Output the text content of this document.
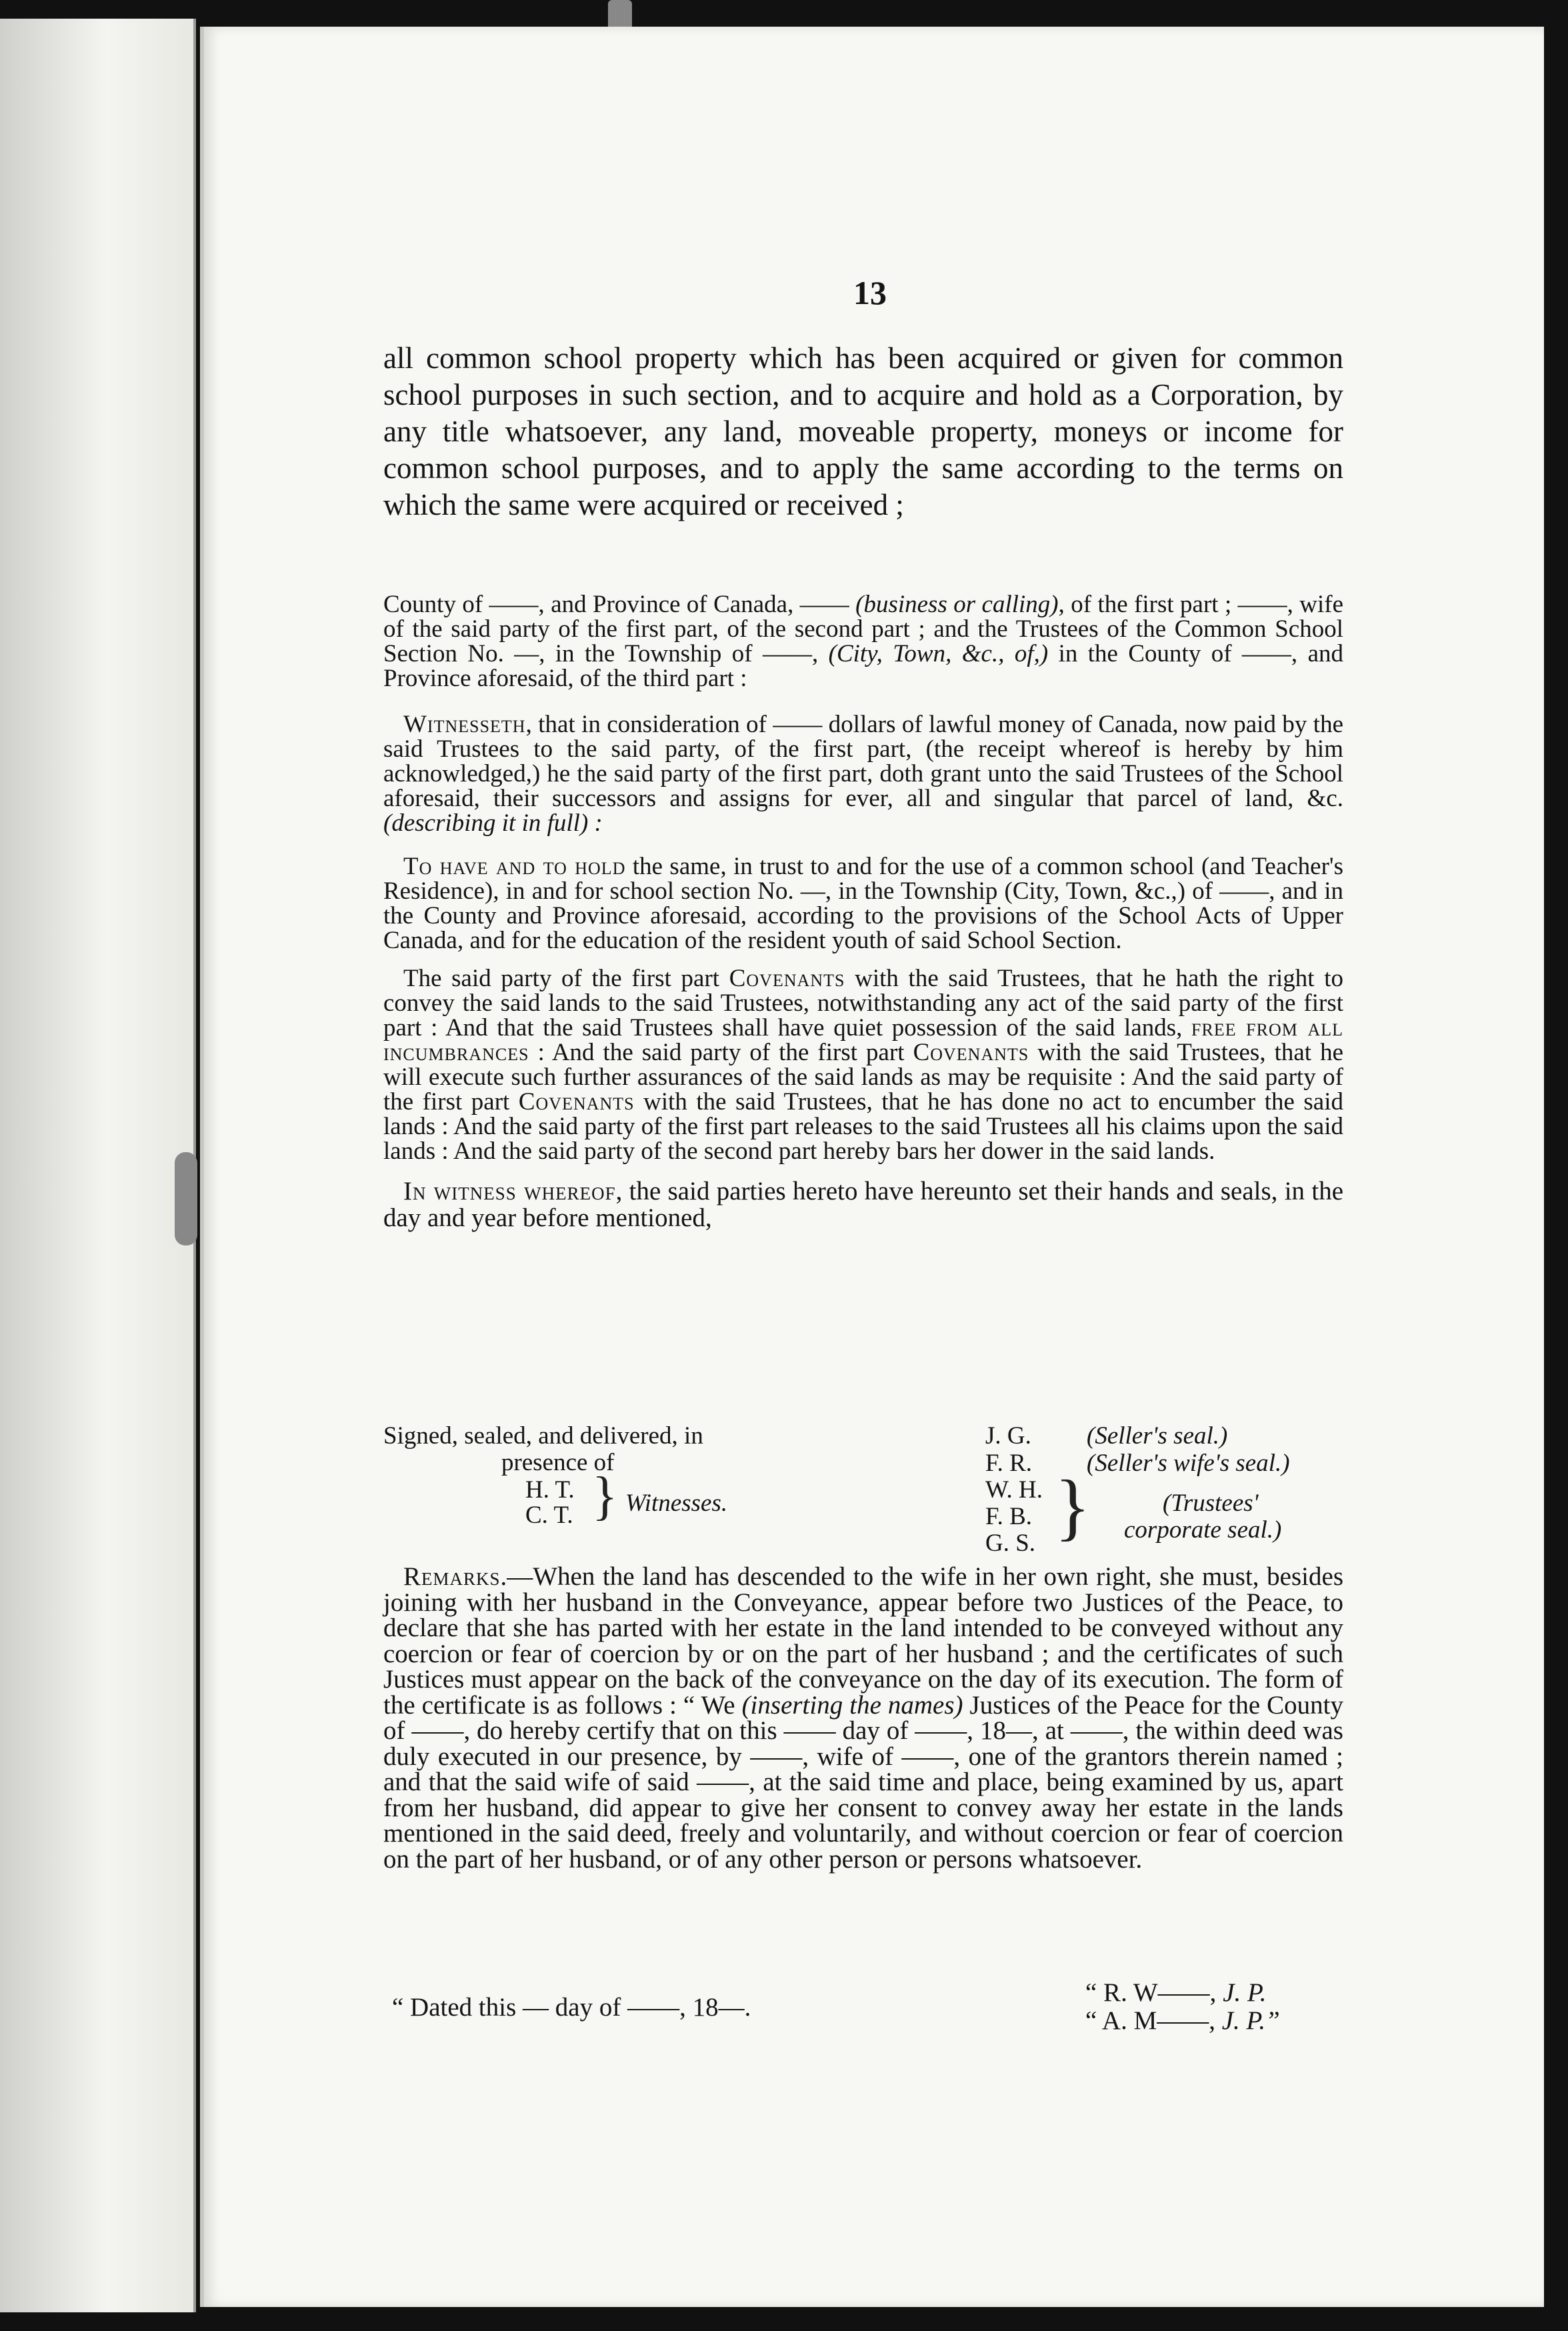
13

all common school property which has been acquired or given for common school purposes in such section, and to acquire and hold as a Corporation, by any title whatsoever, any land, moveable property, moneys or income for common school purposes, and to apply the same according to the terms on which the same were acquired or received ;

County of ——, and Province of Canada, —— (business or calling), of the first part ; ——, wife of the said party of the first part, of the second part ; and the Trustees of the Common School Section No. —, in the Township of ——, (City, Town, &c., of,) in the County of ——, and Province aforesaid, of the third part :

Witnesseth, that in consideration of —— dollars of lawful money of Canada, now paid by the said Trustees to the said party, of the first part, (the receipt whereof is hereby by him acknowledged,) he the said party of the first part, doth grant unto the said Trustees of the School aforesaid, their successors and assigns for ever, all and singular that parcel of land, &c. (describing it in full) :

To have and to hold the same, in trust to and for the use of a common school (and Teacher's Residence), in and for school section No. —, in the Township (City, Town, &c.,) of ——, and in the County and Province aforesaid, according to the provisions of the School Acts of Upper Canada, and for the education of the resident youth of said School Section.

The said party of the first part Covenants with the said Trustees, that he hath the right to convey the said lands to the said Trustees, notwithstanding any act of the said party of the first part : And that the said Trustees shall have quiet possession of the said lands, free from all incumbrances : And the said party of the first part Covenants with the said Trustees, that he will execute such further assurances of the said lands as may be requisite : And the said party of the first part Covenants with the said Trustees, that he has done no act to encumber the said lands : And the said party of the first part releases to the said Trustees all his claims upon the said lands : And the said party of the second part hereby bars her dower in the said lands.

In witness whereof, the said parties hereto have hereunto set their hands and seals, in the day and year before mentioned,

Signed, sealed, and delivered, in
presence of
H. T.
C. T. } Witnesses.
J. G. (Seller's seal.)
F. R. (Seller's wife's seal.)
W. H.
F. B.
G. S. }	(Trustees'
corporate seal.)

Remarks.—When the land has descended to the wife in her own right, she must, besides joining with her husband in the Conveyance, appear before two Justices of the Peace, to declare that she has parted with her estate in the land intended to be conveyed without any coercion or fear of coercion by or on the part of her husband ; and the certificates of such Justices must appear on the back of the conveyance on the day of its execution. The form of the certificate is as follows : “ We (inserting the names) Justices of the Peace for the County of ——, do hereby certify that on this —— day of ——, 18—, at ——, the within deed was duly executed in our presence, by ——, wife of ——, one of the grantors therein named ; and that the said wife of said ——, at the said time and place, being examined by us, apart from her husband, did appear to give her consent to convey away her estate in the lands mentioned in the said deed, freely and voluntarily, and without coercion or fear of coercion on the part of her husband, or of any other person or persons whatsoever.

“ Dated this — day of ——, 18—.
“ R. W——, J. P.
“ A. M——, J. P.”
